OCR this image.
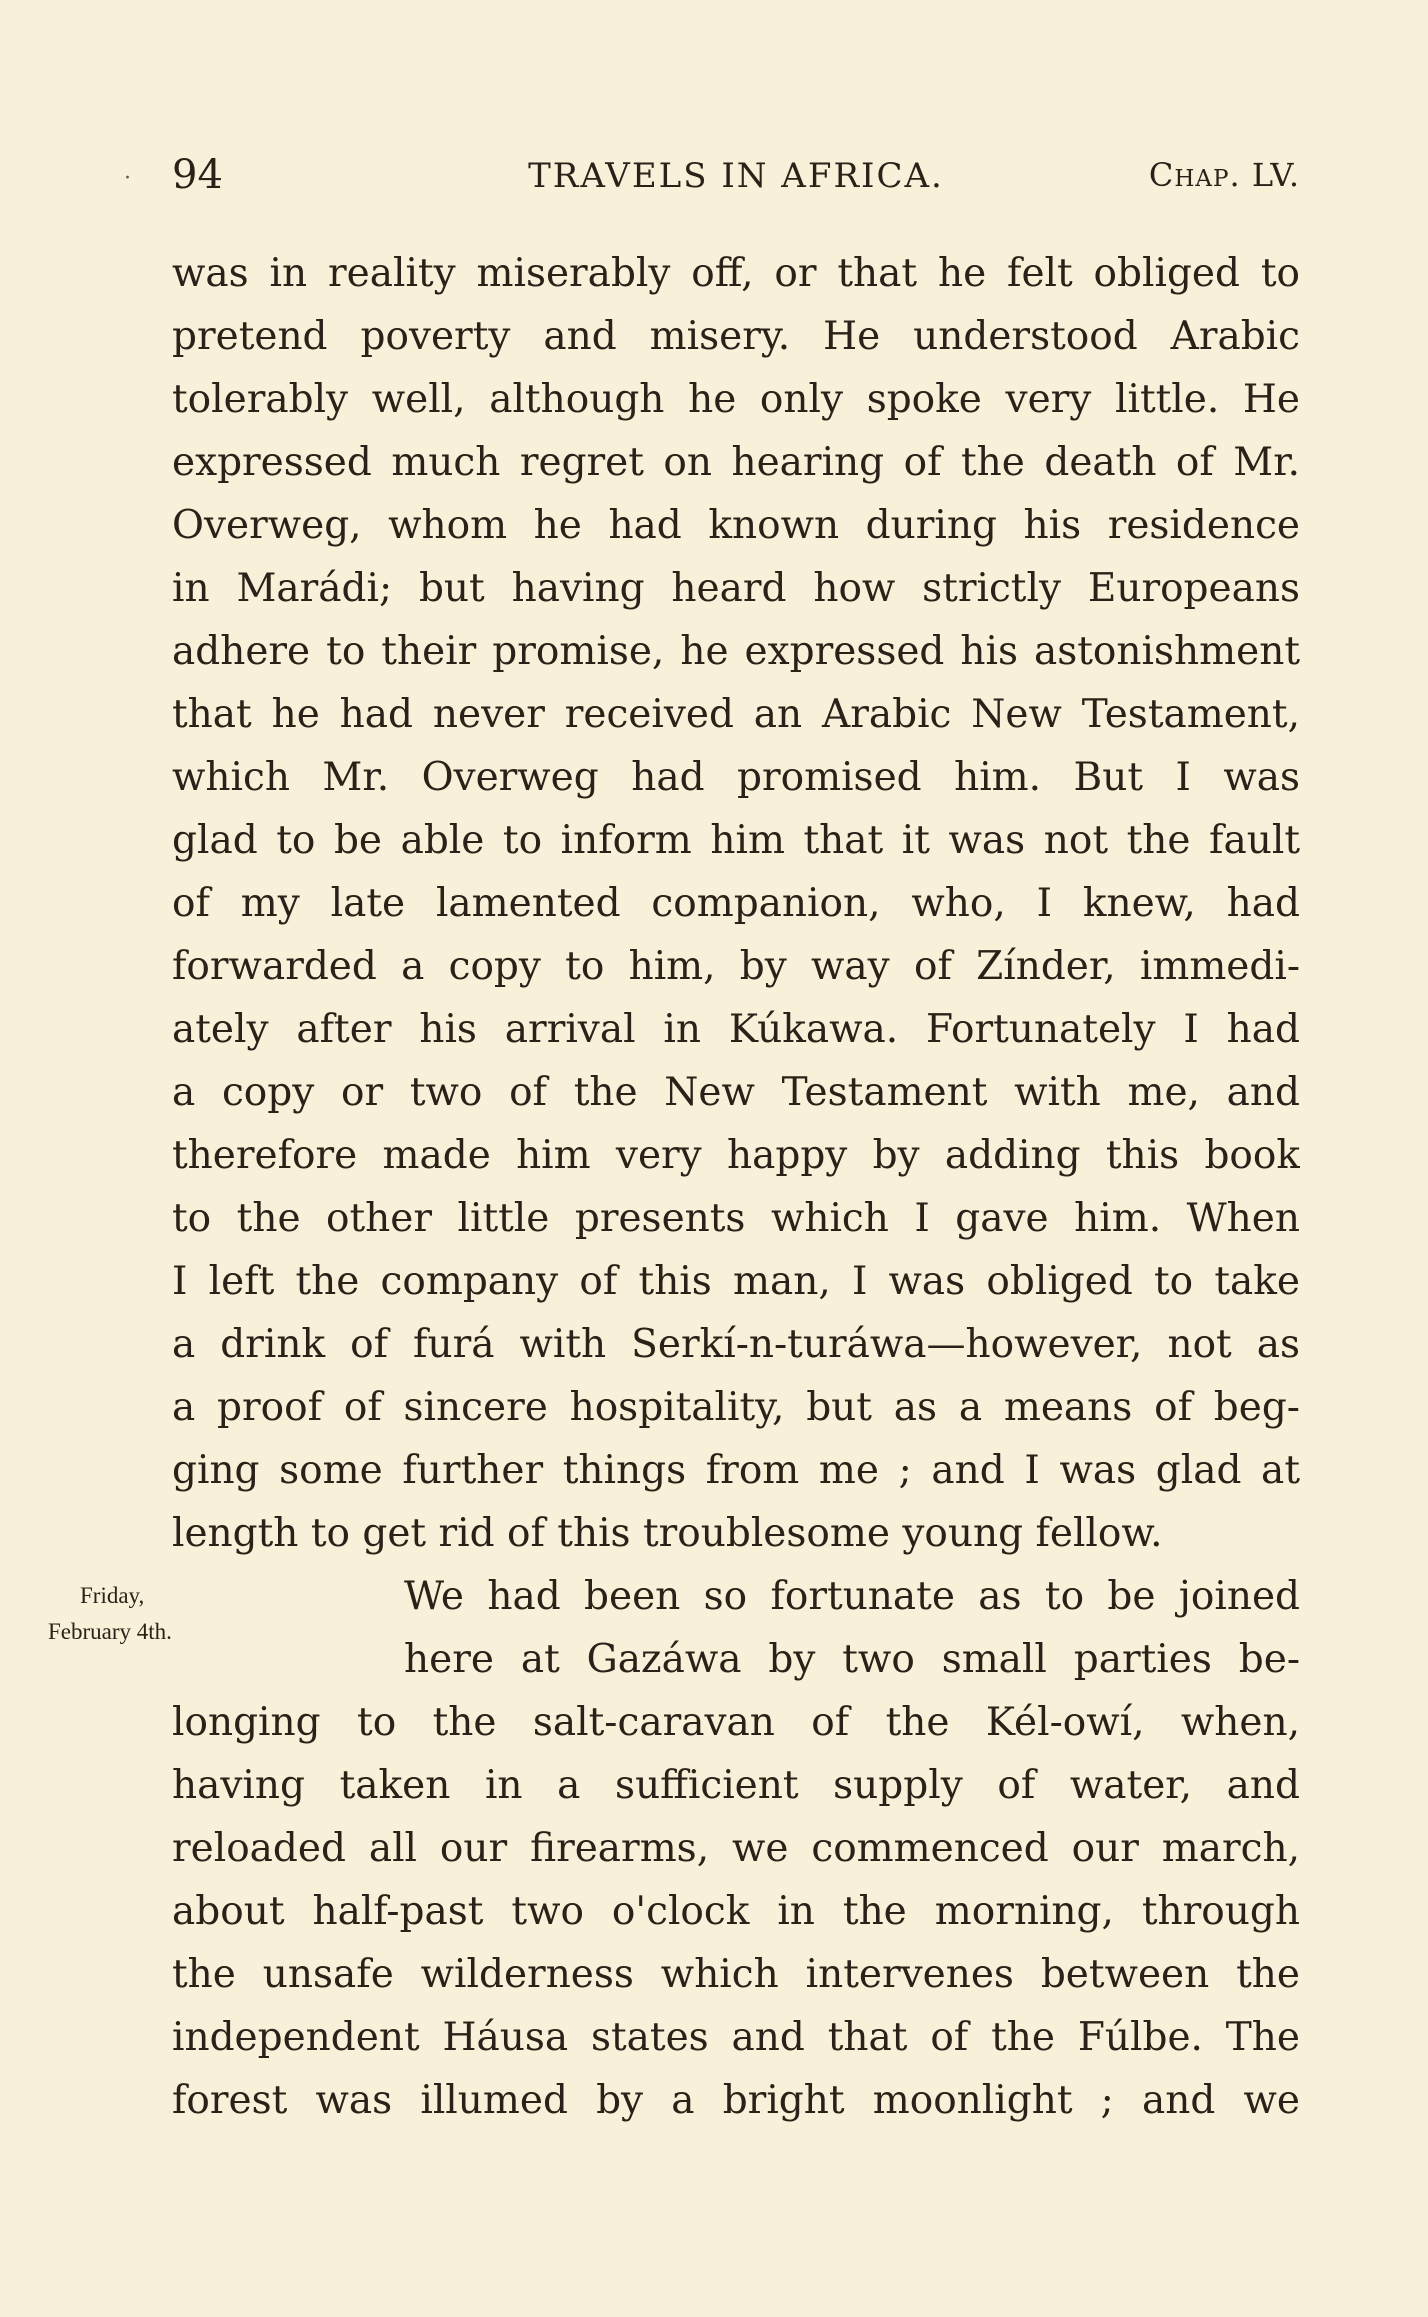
· 94	TRAVELS IN AFRICA.	CHAP. LV.
was in reality miserably off, or that he felt obliged to
pretend poverty and misery. He understood Arabic
tolerably well, although he only spoke very little. He
expressed much regret on hearing of the death of Mr.
Overweg, whom he had known during his residence
in Marádi; but having heard how strictly Europeans
adhere to their promise, he expressed his astonishment
that he had never received an Arabic New Testament,
which Mr. Overweg had promised him. But I was
glad to be able to inform him that it was not the fault
of my late lamented companion, who, I knew, had
forwarded a copy to him, by way of Zínder, immedi-
ately after his arrival in Kúkawa. Fortunately I had
a copy or two of the New Testament with me, and
therefore made him very happy by adding this book
to the other little presents which I gave him. When
I left the company of this man, I was obliged to take
a drink of furá with Serkí-n-turáwa—however, not as
a proof of sincere hospitality, but as a means of beg-
ging some further things from me ; and I was glad at
length to get rid of this troublesome young fellow.
We had been so fortunate as to be joined
here at Gazáwa by two small parties be-
longing to the salt-caravan of the Kél-owí, when,
having taken in a sufficient supply of water, and
reloaded all our firearms, we commenced our march,
about half-past two o'clock in the morning, through
the unsafe wilderness which intervenes between the
independent Háusa states and that of the Fúlbe. The
forest was illumed by a bright moonlight ; and we
Friday,
February 4th.
